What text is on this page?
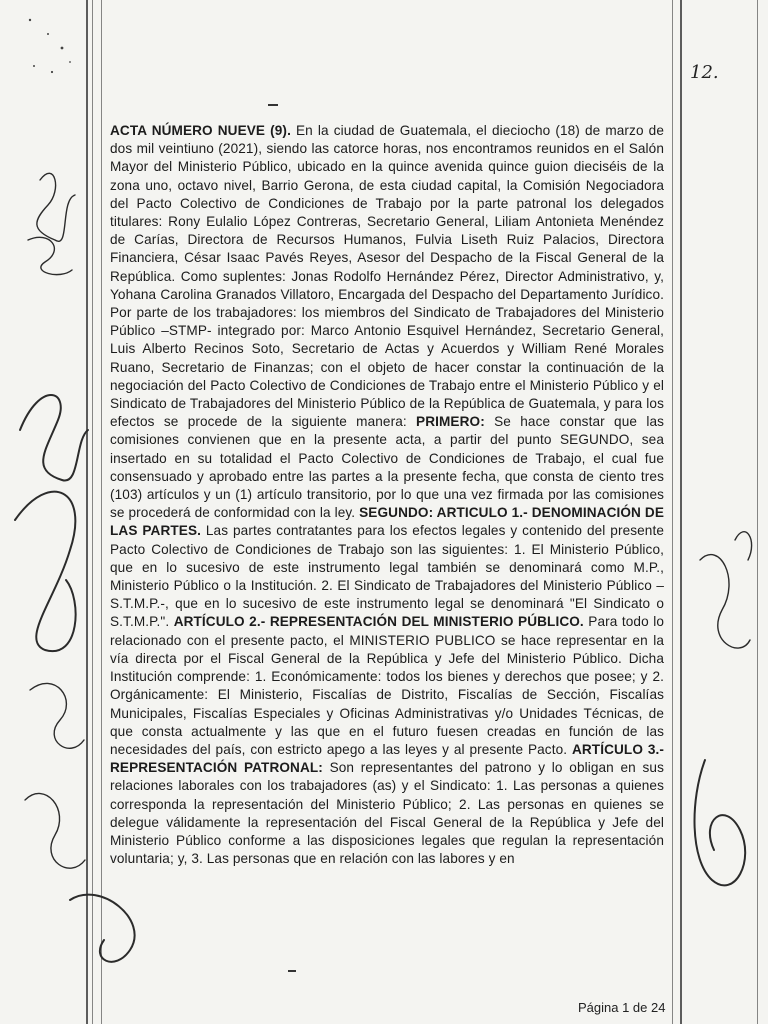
12.

ACTA NÚMERO NUEVE (9). En la ciudad de Guatemala, el dieciocho (18) de marzo de dos mil veintiuno (2021), siendo las catorce horas, nos encontramos reunidos en el Salón Mayor del Ministerio Público, ubicado en la quince avenida quince guion dieciséis de la zona uno, octavo nivel, Barrio Gerona, de esta ciudad capital, la Comisión Negociadora del Pacto Colectivo de Condiciones de Trabajo por la parte patronal los delegados titulares: Rony Eulalio López Contreras, Secretario General, Liliam Antonieta Menéndez de Carías, Directora de Recursos Humanos, Fulvia Liseth Ruiz Palacios, Directora Financiera, César Isaac Pavés Reyes, Asesor del Despacho de la Fiscal General de la República. Como suplentes: Jonas Rodolfo Hernández Pérez, Director Administrativo, y, Yohana Carolina Granados Villatoro, Encargada del Despacho del Departamento Jurídico. Por parte de los trabajadores: los miembros del Sindicato de Trabajadores del Ministerio Público –STMP- integrado por: Marco Antonio Esquivel Hernández, Secretario General, Luis Alberto Recinos Soto, Secretario de Actas y Acuerdos y William René Morales Ruano, Secretario de Finanzas; con el objeto de hacer constar la continuación de la negociación del Pacto Colectivo de Condiciones de Trabajo entre el Ministerio Público y el Sindicato de Trabajadores del Ministerio Público de la República de Guatemala, y para los efectos se procede de la siguiente manera: PRIMERO: Se hace constar que las comisiones convienen que en la presente acta, a partir del punto SEGUNDO, sea insertado en su totalidad el Pacto Colectivo de Condiciones de Trabajo, el cual fue consensuado y aprobado entre las partes a la presente fecha, que consta de ciento tres (103) artículos y un (1) artículo transitorio, por lo que una vez firmada por las comisiones se procederá de conformidad con la ley. SEGUNDO: ARTICULO 1.- DENOMINACIÓN DE LAS PARTES. Las partes contratantes para los efectos legales y contenido del presente Pacto Colectivo de Condiciones de Trabajo son las siguientes: 1. El Ministerio Público, que en lo sucesivo de este instrumento legal también se denominará como M.P., Ministerio Público o la Institución. 2. El Sindicato de Trabajadores del Ministerio Público –S.T.M.P.-, que en lo sucesivo de este instrumento legal se denominará "El Sindicato o S.T.M.P.". ARTÍCULO 2.- REPRESENTACIÓN DEL MINISTERIO PÚBLICO. Para todo lo relacionado con el presente pacto, el MINISTERIO PUBLICO se hace representar en la vía directa por el Fiscal General de la República y Jefe del Ministerio Público. Dicha Institución comprende: 1. Económicamente: todos los bienes y derechos que posee; y 2. Orgánicamente: El Ministerio, Fiscalías de Distrito, Fiscalías de Sección, Fiscalías Municipales, Fiscalías Especiales y Oficinas Administrativas y/o Unidades Técnicas, de que consta actualmente y las que en el futuro fuesen creadas en función de las necesidades del país, con estricto apego a las leyes y al presente Pacto. ARTÍCULO 3.- REPRESENTACIÓN PATRONAL: Son representantes del patrono y lo obligan en sus relaciones laborales con los trabajadores (as) y el Sindicato: 1. Las personas a quienes corresponda la representación del Ministerio Público; 2. Las personas en quienes se delegue válidamente la representación del Fiscal General de la República y Jefe del Ministerio Público conforme a las disposiciones legales que regulan la representación voluntaria; y, 3. Las personas que en relación con las labores y en

Página 1 de 24
